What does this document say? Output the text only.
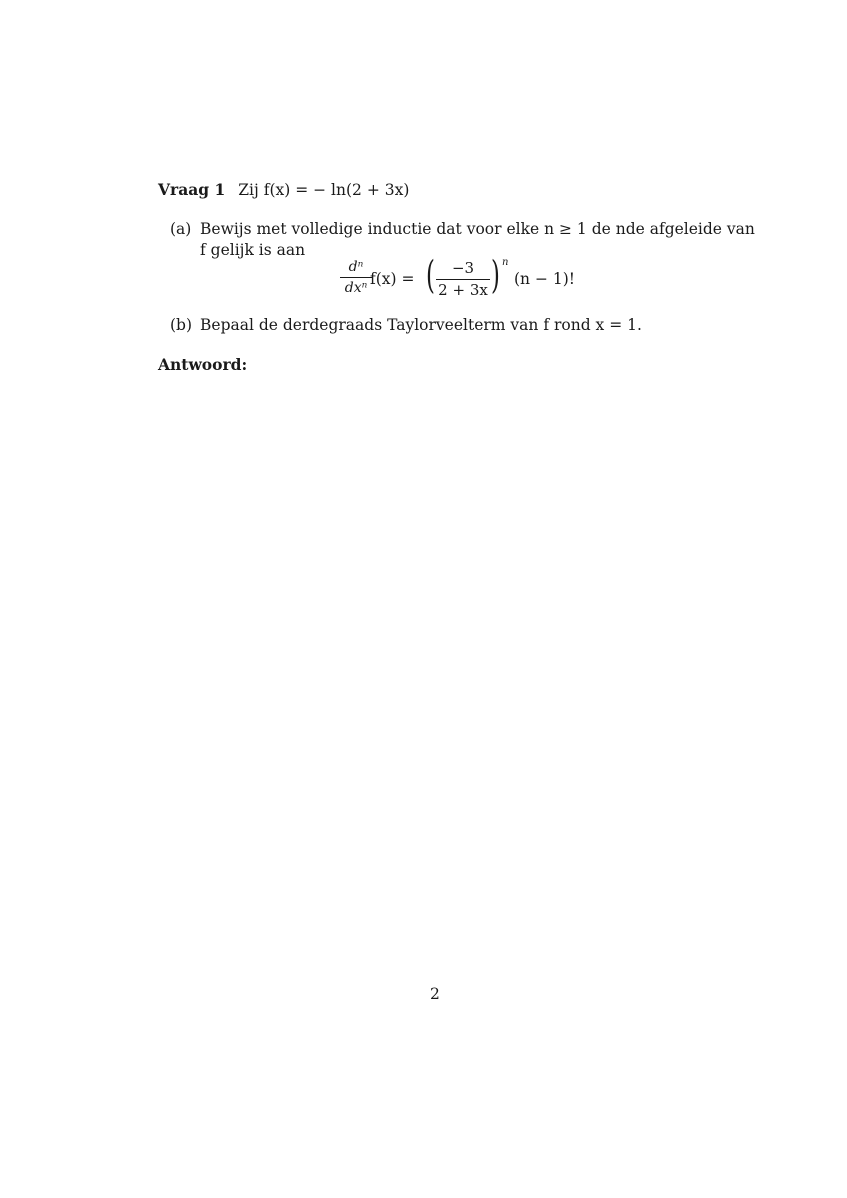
Vraag 1 Zij f(x) = − ln(2 + 3x)
(a) Bewijs met volledige inductie dat voor elke n ≥ 1 de nde afgeleide van
f gelijk is aan
dⁿ
dxⁿ f(x) = (	−3
2 + 3x ) n
(n − 1)!
(b) Bepaal de derdegraads Taylorveelterm van f rond x = 1.
Antwoord:
2
